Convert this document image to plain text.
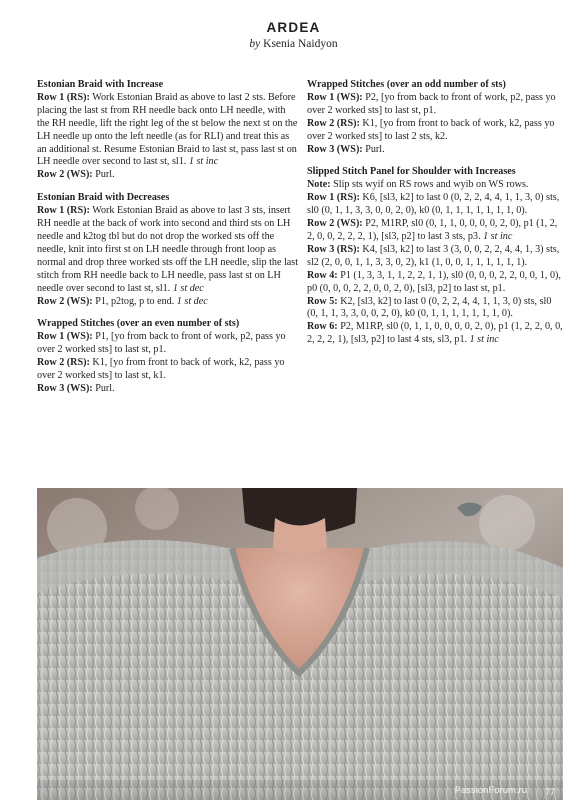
ARDEA
by Ksenia Naidyon
Estonian Braid with Increase
Row 1 (RS): Work Estonian Braid as above to last 2 sts. Before placing the last st from RH needle back onto LH needle, with the RH needle, lift the right leg of the st below the next st on the LH needle up onto the left needle (as for RLI) and treat this as an additional st. Resume Estonian Braid to last st, pass last st on LH needle over second to last st, sl1. 1 st inc
Row 2 (WS): Purl.
Estonian Braid with Decreases
Row 1 (RS): Work Estonian Braid as above to last 3 sts, insert RH needle at the back of work into second and third sts on LH needle and k2tog tbl but do not drop the worked sts off the needle, knit into first st on LH needle through front loop as normal and drop three worked sts off the LH needle, slip the last stitch from RH needle back to LH needle, pass last st on LH needle over second to last st, sl1. 1 st dec
Row 2 (WS): P1, p2tog, p to end. 1 st dec
Wrapped Stitches (over an even number of sts)
Row 1 (WS): P1, [yo from back to front of work, p2, pass yo over 2 worked sts] to last st, p1.
Row 2 (RS): K1, [yo from front to back of work, k2, pass yo over 2 worked sts] to last st, k1.
Row 3 (WS): Purl.
Wrapped Stitches (over an odd number of sts)
Row 1 (WS): P2, [yo from back to front of work, p2, pass yo over 2 worked sts] to last st, p1.
Row 2 (RS): K1, [yo from front to back of work, k2, pass yo over 2 worked sts] to last 2 sts, k2.
Row 3 (WS): Purl.
Slipped Stitch Panel for Shoulder with Increases
Note: Slip sts wyif on RS rows and wyib on WS rows.
Row 1 (RS): K6, [sl3, k2] to last 0 (0, 2, 2, 4, 4, 1, 1, 3, 0) sts, sl0 (0, 1, 1, 3, 3, 0, 0, 2, 0), k0 (0, 1, 1, 1, 1, 1, 1, 1, 0).
Row 2 (WS): P2, M1RP, sl0 (0, 1, 1, 0, 0, 0, 0, 2, 0), p1 (1, 2, 2, 0, 0, 2, 2, 2, 1), [sl3, p2] to last 3 sts, p3. 1 st inc
Row 3 (RS): K4, [sl3, k2] to last 3 (3, 0, 0, 2, 2, 4, 4, 1, 3) sts, sl2 (2, 0, 0, 1, 1, 3, 3, 0, 2), k1 (1, 0, 0, 1, 1, 1, 1, 1, 1).
Row 4: P1 (1, 3, 3, 1, 1, 2, 2, 1, 1), sl0 (0, 0, 0, 2, 2, 0, 0, 1, 0), p0 (0, 0, 0, 2, 2, 0, 0, 2, 0), [sl3, p2] to last st, p1.
Row 5: K2, [sl3, k2] to last 0 (0, 2, 2, 4, 4, 1, 1, 3, 0) sts, sl0 (0, 1, 1, 3, 3, 0, 0, 2, 0), k0 (0, 1, 1, 1, 1, 1, 1, 1, 0).
Row 6: P2, M1RP, sl0 (0, 1, 1, 0, 0, 0, 0, 2, 0), p1 (1, 2, 2, 0, 0, 2, 2, 2, 1), [sl3, p2] to last 4 sts, sl3, p1. 1 st inc
PassionForum.ru 77
